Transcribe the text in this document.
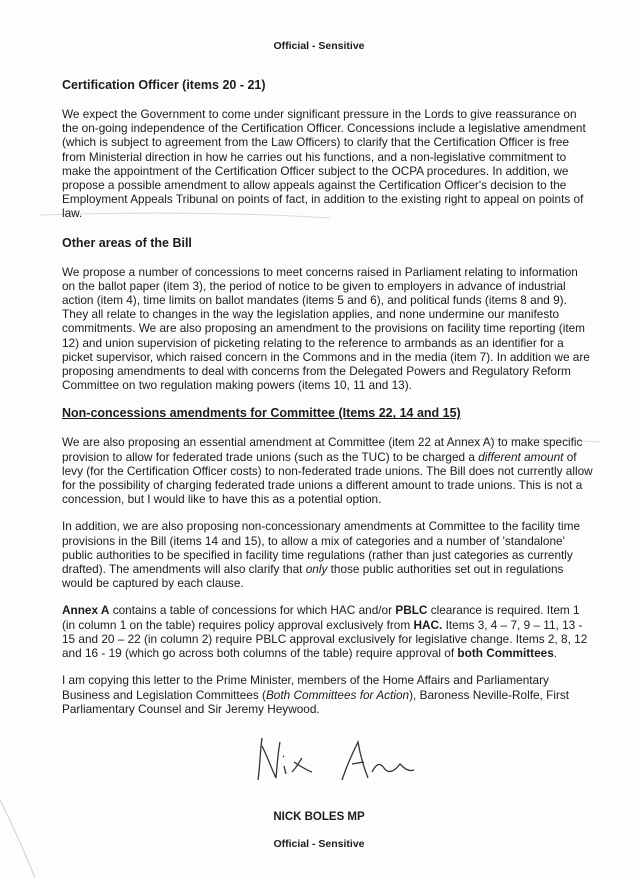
Official - Sensitive
Certification Officer (items 20 - 21)

We expect the Government to come under significant pressure in the Lords to give reassurance on the on-going independence of the Certification Officer. Concessions include a legislative amendment (which is subject to agreement from the Law Officers) to clarify that the Certification Officer is free from Ministerial direction in how he carries out his functions, and a non-legislative commitment to make the appointment of the Certification Officer subject to the OCPA procedures. In addition, we propose a possible amendment to allow appeals against the Certification Officer's decision to the Employment Appeals Tribunal on points of fact, in addition to the existing right to appeal on points of law.

Other areas of the Bill

We propose a number of concessions to meet concerns raised in Parliament relating to information on the ballot paper (item 3), the period of notice to be given to employers in advance of industrial action (item 4), time limits on ballot mandates (items 5 and 6), and political funds (items 8 and 9). They all relate to changes in the way the legislation applies, and none undermine our manifesto commitments. We are also proposing an amendment to the provisions on facility time reporting (item 12) and union supervision of picketing relating to the reference to armbands as an identifier for a picket supervisor, which raised concern in the Commons and in the media (item 7). In addition we are proposing amendments to deal with concerns from the Delegated Powers and Regulatory Reform Committee on two regulation making powers (items 10, 11 and 13).

Non-concessions amendments for Committee (Items 22, 14 and 15)

We are also proposing an essential amendment at Committee (item 22 at Annex A) to make specific provision to allow for federated trade unions (such as the TUC) to be charged a different amount of levy (for the Certification Officer costs) to non-federated trade unions. The Bill does not currently allow for the possibility of charging federated trade unions a different amount to trade unions. This is not a concession, but I would like to have this as a potential option.

In addition, we are also proposing non-concessionary amendments at Committee to the facility time provisions in the Bill (items 14 and 15), to allow a mix of categories and a number of 'standalone' public authorities to be specified in facility time regulations (rather than just categories as currently drafted). The amendments will also clarify that only those public authorities set out in regulations would be captured by each clause.

Annex A contains a table of concessions for which HAC and/or PBLC clearance is required. Item 1 (in column 1 on the table) requires policy approval exclusively from HAC. Items 3, 4 – 7, 9 – 11, 13 - 15 and 20 – 22 (in column 2) require PBLC approval exclusively for legislative change. Items 2, 8, 12 and 16 - 19 (which go across both columns of the table) require approval of both Committees.

I am copying this letter to the Prime Minister, members of the Home Affairs and Parliamentary Business and Legislation Committees (Both Committees for Action), Baroness Neville-Rolfe, First Parliamentary Counsel and Sir Jeremy Heywood.

NICK BOLES MP
Official - Sensitive
